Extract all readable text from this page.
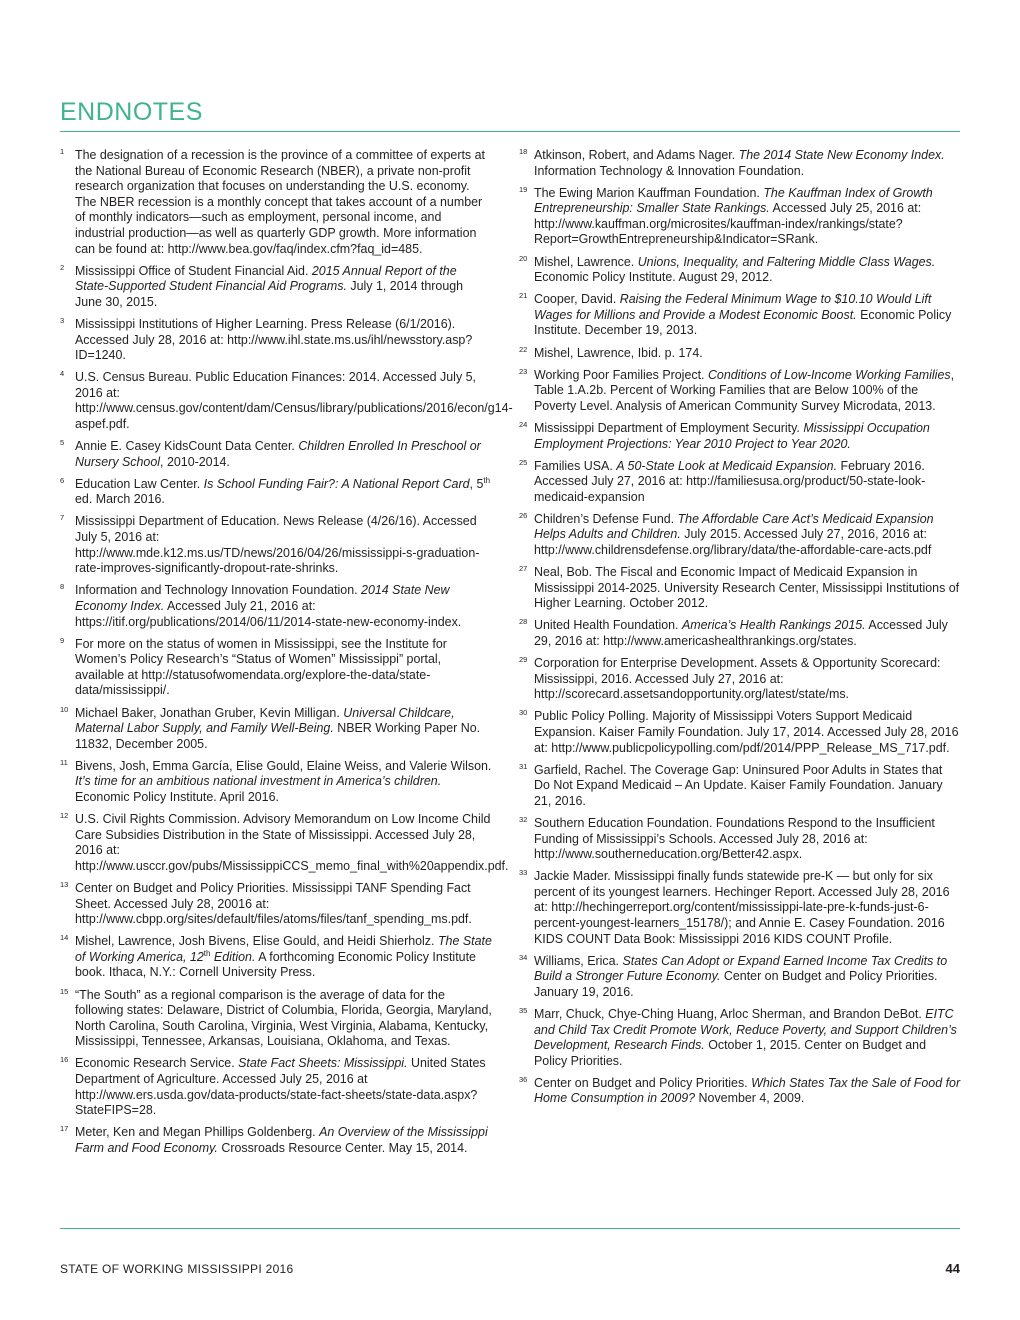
ENDNOTES
1 The designation of a recession is the province of a committee of experts at the National Bureau of Economic Research (NBER), a private non-profit research organization that focuses on understanding the U.S. economy. The NBER recession is a monthly concept that takes account of a number of monthly indicators—such as employment, personal income, and industrial production—as well as quarterly GDP growth. More information can be found at: http://www.bea.gov/faq/index.cfm?faq_id=485.
2 Mississippi Office of Student Financial Aid. 2015 Annual Report of the State-Supported Student Financial Aid Programs. July 1, 2014 through June 30, 2015.
3 Mississippi Institutions of Higher Learning. Press Release (6/1/2016). Accessed July 28, 2016 at: http://www.ihl.state.ms.us/ihl/newsstory.asp?ID=1240.
4 U.S. Census Bureau. Public Education Finances: 2014. Accessed July 5, 2016 at: http://www.census.gov/content/dam/Census/library/publications/2016/econ/g14-aspef.pdf.
5 Annie E. Casey KidsCount Data Center. Children Enrolled In Preschool or Nursery School, 2010-2014.
6 Education Law Center. Is School Funding Fair?: A National Report Card, 5th ed. March 2016.
7 Mississippi Department of Education. News Release (4/26/16). Accessed July 5, 2016 at: http://www.mde.k12.ms.us/TD/news/2016/04/26/mississippi-s-graduation-rate-improves-significantly-dropout-rate-shrinks.
8 Information and Technology Innovation Foundation. 2014 State New Economy Index. Accessed July 21, 2016 at: https://itif.org/publications/2014/06/11/2014-state-new-economy-index.
9 For more on the status of women in Mississippi, see the Institute for Women’s Policy Research’s “Status of Women” Mississippi” portal, available at http://statusofwomendata.org/explore-the-data/state-data/mississippi/.
10 Michael Baker, Jonathan Gruber, Kevin Milligan. Universal Childcare, Maternal Labor Supply, and Family Well-Being. NBER Working Paper No. 11832, December 2005.
11 Bivens, Josh, Emma García, Elise Gould, Elaine Weiss, and Valerie Wilson. It’s time for an ambitious national investment in America’s children. Economic Policy Institute. April 2016.
12 U.S. Civil Rights Commission. Advisory Memorandum on Low Income Child Care Subsidies Distribution in the State of Mississippi. Accessed July 28, 2016 at: http://www.usccr.gov/pubs/MississippiCCS_memo_final_with%20appendix.pdf.
13 Center on Budget and Policy Priorities. Mississippi TANF Spending Fact Sheet. Accessed July 28, 20016 at: http://www.cbpp.org/sites/default/files/atoms/files/tanf_spending_ms.pdf.
14 Mishel, Lawrence, Josh Bivens, Elise Gould, and Heidi Shierholz. The State of Working America, 12th Edition. A forthcoming Economic Policy Institute book. Ithaca, N.Y.: Cornell University Press.
15 “The South” as a regional comparison is the average of data for the following states: Delaware, District of Columbia, Florida, Georgia, Maryland, North Carolina, South Carolina, Virginia, West Virginia, Alabama, Kentucky, Mississippi, Tennessee, Arkansas, Louisiana, Oklahoma, and Texas.
16 Economic Research Service. State Fact Sheets: Mississippi. United States Department of Agriculture. Accessed July 25, 2016 at http://www.ers.usda.gov/data-products/state-fact-sheets/state-data.aspx?StateFIPS=28.
17 Meter, Ken and Megan Phillips Goldenberg. An Overview of the Mississippi Farm and Food Economy. Crossroads Resource Center. May 15, 2014.
18 Atkinson, Robert, and Adams Nager. The 2014 State New Economy Index. Information Technology & Innovation Foundation.
19 The Ewing Marion Kauffman Foundation. The Kauffman Index of Growth Entrepreneurship: Smaller State Rankings. Accessed July 25, 2016 at: http://www.kauffman.org/microsites/kauffman-index/rankings/state?Report=GrowthEntrepreneurship&Indicator=SRank.
20 Mishel, Lawrence. Unions, Inequality, and Faltering Middle Class Wages. Economic Policy Institute. August 29, 2012.
21 Cooper, David. Raising the Federal Minimum Wage to $10.10 Would Lift Wages for Millions and Provide a Modest Economic Boost. Economic Policy Institute. December 19, 2013.
22 Mishel, Lawrence, Ibid. p. 174.
23 Working Poor Families Project. Conditions of Low-Income Working Families, Table 1.A.2b. Percent of Working Families that are Below 100% of the Poverty Level. Analysis of American Community Survey Microdata, 2013.
24 Mississippi Department of Employment Security. Mississippi Occupation Employment Projections: Year 2010 Project to Year 2020.
25 Families USA. A 50-State Look at Medicaid Expansion. February 2016. Accessed July 27, 2016 at: http://familiesusa.org/product/50-state-look-medicaid-expansion
26 Children’s Defense Fund. The Affordable Care Act’s Medicaid Expansion Helps Adults and Children. July 2015. Accessed July 27, 2016, 2016 at: http://www.childrensdefense.org/library/data/the-affordable-care-acts.pdf
27 Neal, Bob. The Fiscal and Economic Impact of Medicaid Expansion in Mississippi 2014-2025. University Research Center, Mississippi Institutions of Higher Learning. October 2012.
28 United Health Foundation. America’s Health Rankings 2015. Accessed July 29, 2016 at: http://www.americashealthrankings.org/states.
29 Corporation for Enterprise Development. Assets & Opportunity Scorecard: Mississippi, 2016. Accessed July 27, 2016 at: http://scorecard.assetsandopportunity.org/latest/state/ms.
30 Public Policy Polling. Majority of Mississippi Voters Support Medicaid Expansion. Kaiser Family Foundation. July 17, 2014. Accessed July 28, 2016 at: http://www.publicpolicypolling.com/pdf/2014/PPP_Release_MS_717.pdf.
31 Garfield, Rachel. The Coverage Gap: Uninsured Poor Adults in States that Do Not Expand Medicaid – An Update. Kaiser Family Foundation. January 21, 2016.
32 Southern Education Foundation. Foundations Respond to the Insufficient Funding of Mississippi’s Schools. Accessed July 28, 2016 at: http://www.southerneducation.org/Better42.aspx.
33 Jackie Mader. Mississippi finally funds statewide pre-K — but only for six percent of its youngest learners. Hechinger Report. Accessed July 28, 2016 at: http://hechingerreport.org/content/mississippi-late-pre-k-funds-just-6-percent-youngest-learners_15178/); and Annie E. Casey Foundation. 2016 KIDS COUNT Data Book: Mississippi 2016 KIDS COUNT Profile.
34 Williams, Erica. States Can Adopt or Expand Earned Income Tax Credits to Build a Stronger Future Economy. Center on Budget and Policy Priorities. January 19, 2016.
35 Marr, Chuck, Chye-Ching Huang, Arloc Sherman, and Brandon DeBot. EITC and Child Tax Credit Promote Work, Reduce Poverty, and Support Children’s Development, Research Finds. October 1, 2015. Center on Budget and Policy Priorities.
36 Center on Budget and Policy Priorities. Which States Tax the Sale of Food for Home Consumption in 2009? November 4, 2009.
STATE OF WORKING MISSISSIPPI 2016	44
